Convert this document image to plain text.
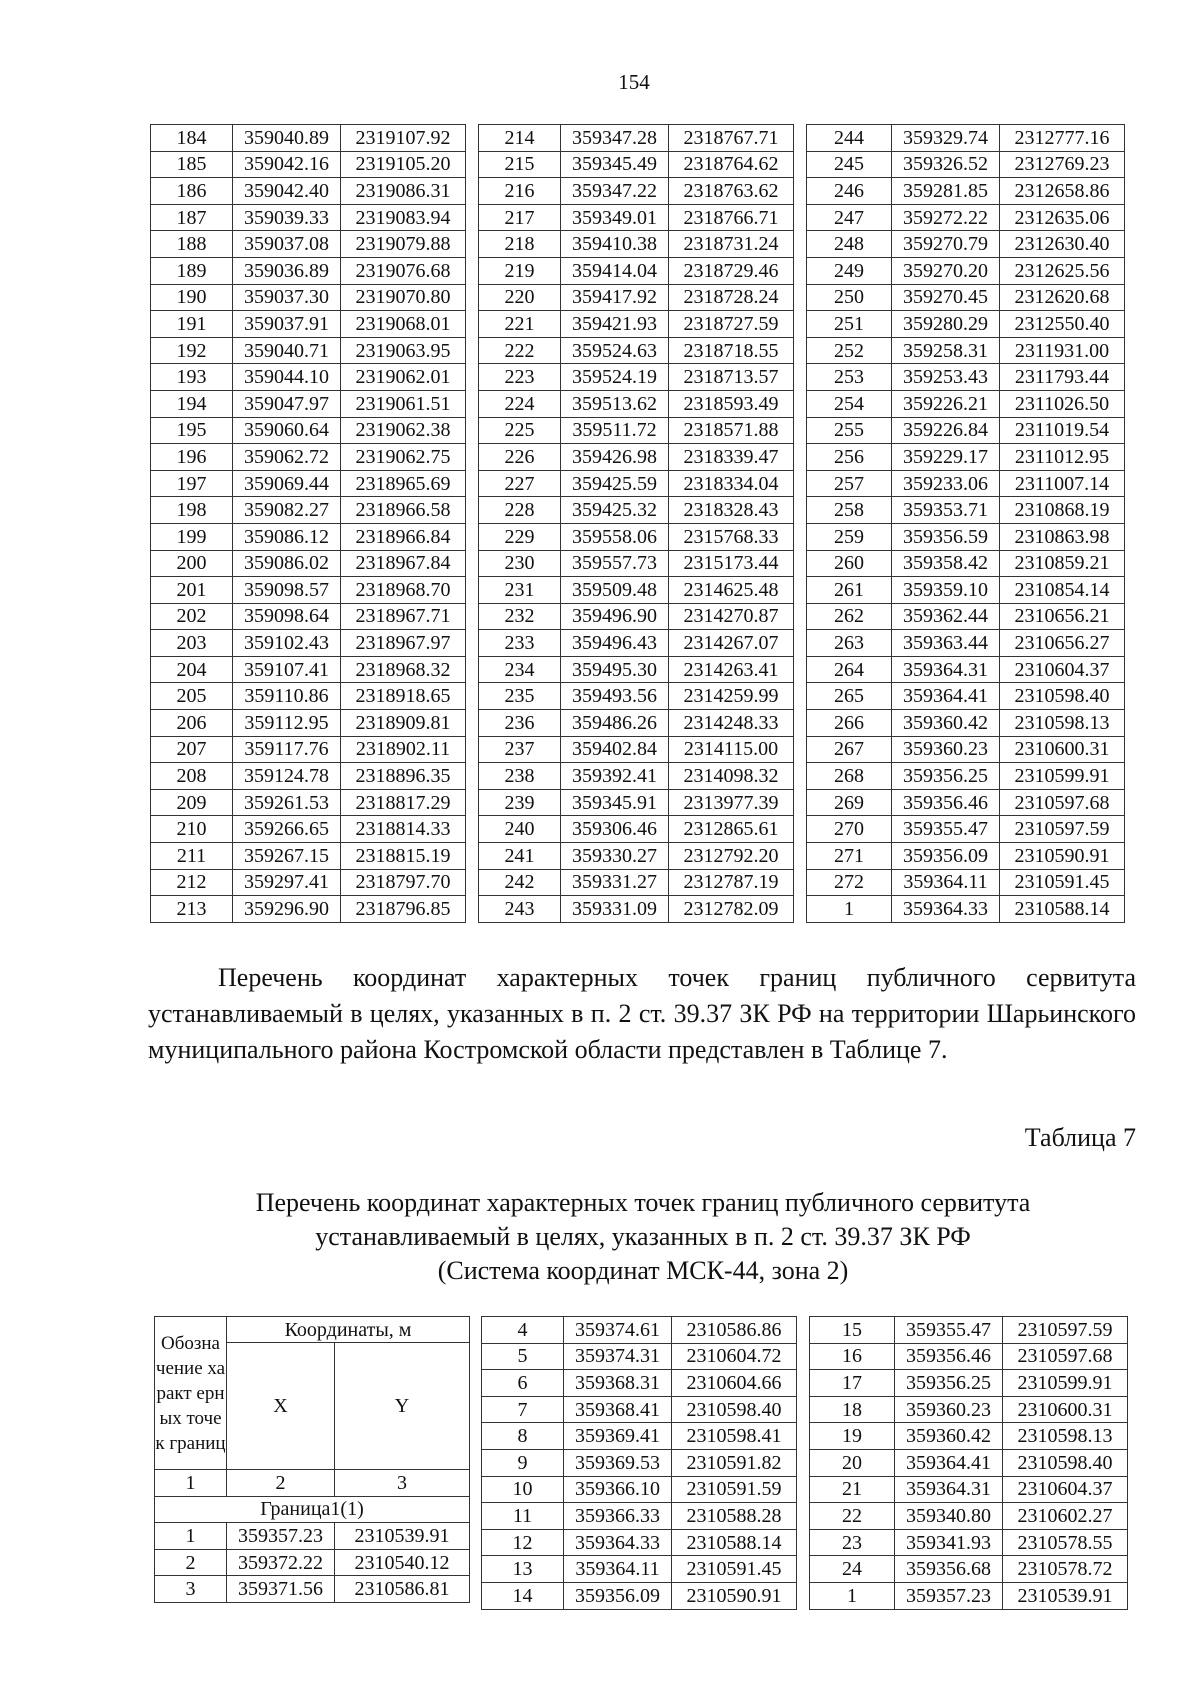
154
184	359040.89	2319107.92
185	359042.16	2319105.20
186	359042.40	2319086.31
187	359039.33	2319083.94
188	359037.08	2319079.88
189	359036.89	2319076.68
190	359037.30	2319070.80
191	359037.91	2319068.01
192	359040.71	2319063.95
193	359044.10	2319062.01
194	359047.97	2319061.51
195	359060.64	2319062.38
196	359062.72	2319062.75
197	359069.44	2318965.69
198	359082.27	2318966.58
199	359086.12	2318966.84
200	359086.02	2318967.84
201	359098.57	2318968.70
202	359098.64	2318967.71
203	359102.43	2318967.97
204	359107.41	2318968.32
205	359110.86	2318918.65
206	359112.95	2318909.81
207	359117.76	2318902.11
208	359124.78	2318896.35
209	359261.53	2318817.29
210	359266.65	2318814.33
211	359267.15	2318815.19
212	359297.41	2318797.70
213	359296.90	2318796.85
214	359347.28	2318767.71
215	359345.49	2318764.62
216	359347.22	2318763.62
217	359349.01	2318766.71
218	359410.38	2318731.24
219	359414.04	2318729.46
220	359417.92	2318728.24
221	359421.93	2318727.59
222	359524.63	2318718.55
223	359524.19	2318713.57
224	359513.62	2318593.49
225	359511.72	2318571.88
226	359426.98	2318339.47
227	359425.59	2318334.04
228	359425.32	2318328.43
229	359558.06	2315768.33
230	359557.73	2315173.44
231	359509.48	2314625.48
232	359496.90	2314270.87
233	359496.43	2314267.07
234	359495.30	2314263.41
235	359493.56	2314259.99
236	359486.26	2314248.33
237	359402.84	2314115.00
238	359392.41	2314098.32
239	359345.91	2313977.39
240	359306.46	2312865.61
241	359330.27	2312792.20
242	359331.27	2312787.19
243	359331.09	2312782.09
244	359329.74	2312777.16
245	359326.52	2312769.23
246	359281.85	2312658.86
247	359272.22	2312635.06
248	359270.79	2312630.40
249	359270.20	2312625.56
250	359270.45	2312620.68
251	359280.29	2312550.40
252	359258.31	2311931.00
253	359253.43	2311793.44
254	359226.21	2311026.50
255	359226.84	2311019.54
256	359229.17	2311012.95
257	359233.06	2311007.14
258	359353.71	2310868.19
259	359356.59	2310863.98
260	359358.42	2310859.21
261	359359.10	2310854.14
262	359362.44	2310656.21
263	359363.44	2310656.27
264	359364.31	2310604.37
265	359364.41	2310598.40
266	359360.42	2310598.13
267	359360.23	2310600.31
268	359356.25	2310599.91
269	359356.46	2310597.68
270	359355.47	2310597.59
271	359356.09	2310590.91
272	359364.11	2310591.45
1	359364.33	2310588.14
Перечень координат характерных точек границ публичного сервитута устанавливаемый в целях, указанных в п. 2 ст. 39.37 ЗК РФ на территории Шарьинского муниципального района Костромской области представлен в Таблице 7.
Таблица 7
Перечень координат характерных точек границ публичного сервитута
устанавливаемый в целях, указанных в п. 2 ст. 39.37 ЗК РФ
(Система координат МСК-44, зона 2)
Обозна чение характ ерных точек границ	Координаты, м	
	X	Y
1	2	3
Граница1(1)		
1	359357.23	2310539.91
2	359372.22	2310540.12
3	359371.56	2310586.81
4	359374.61	2310586.86
5	359374.31	2310604.72
6	359368.31	2310604.66
7	359368.41	2310598.40
8	359369.41	2310598.41
9	359369.53	2310591.82
10	359366.10	2310591.59
11	359366.33	2310588.28
12	359364.33	2310588.14
13	359364.11	2310591.45
14	359356.09	2310590.91
15	359355.47	2310597.59
16	359356.46	2310597.68
17	359356.25	2310599.91
18	359360.23	2310600.31
19	359360.42	2310598.13
20	359364.41	2310598.40
21	359364.31	2310604.37
22	359340.80	2310602.27
23	359341.93	2310578.55
24	359356.68	2310578.72
1	359357.23	2310539.91
